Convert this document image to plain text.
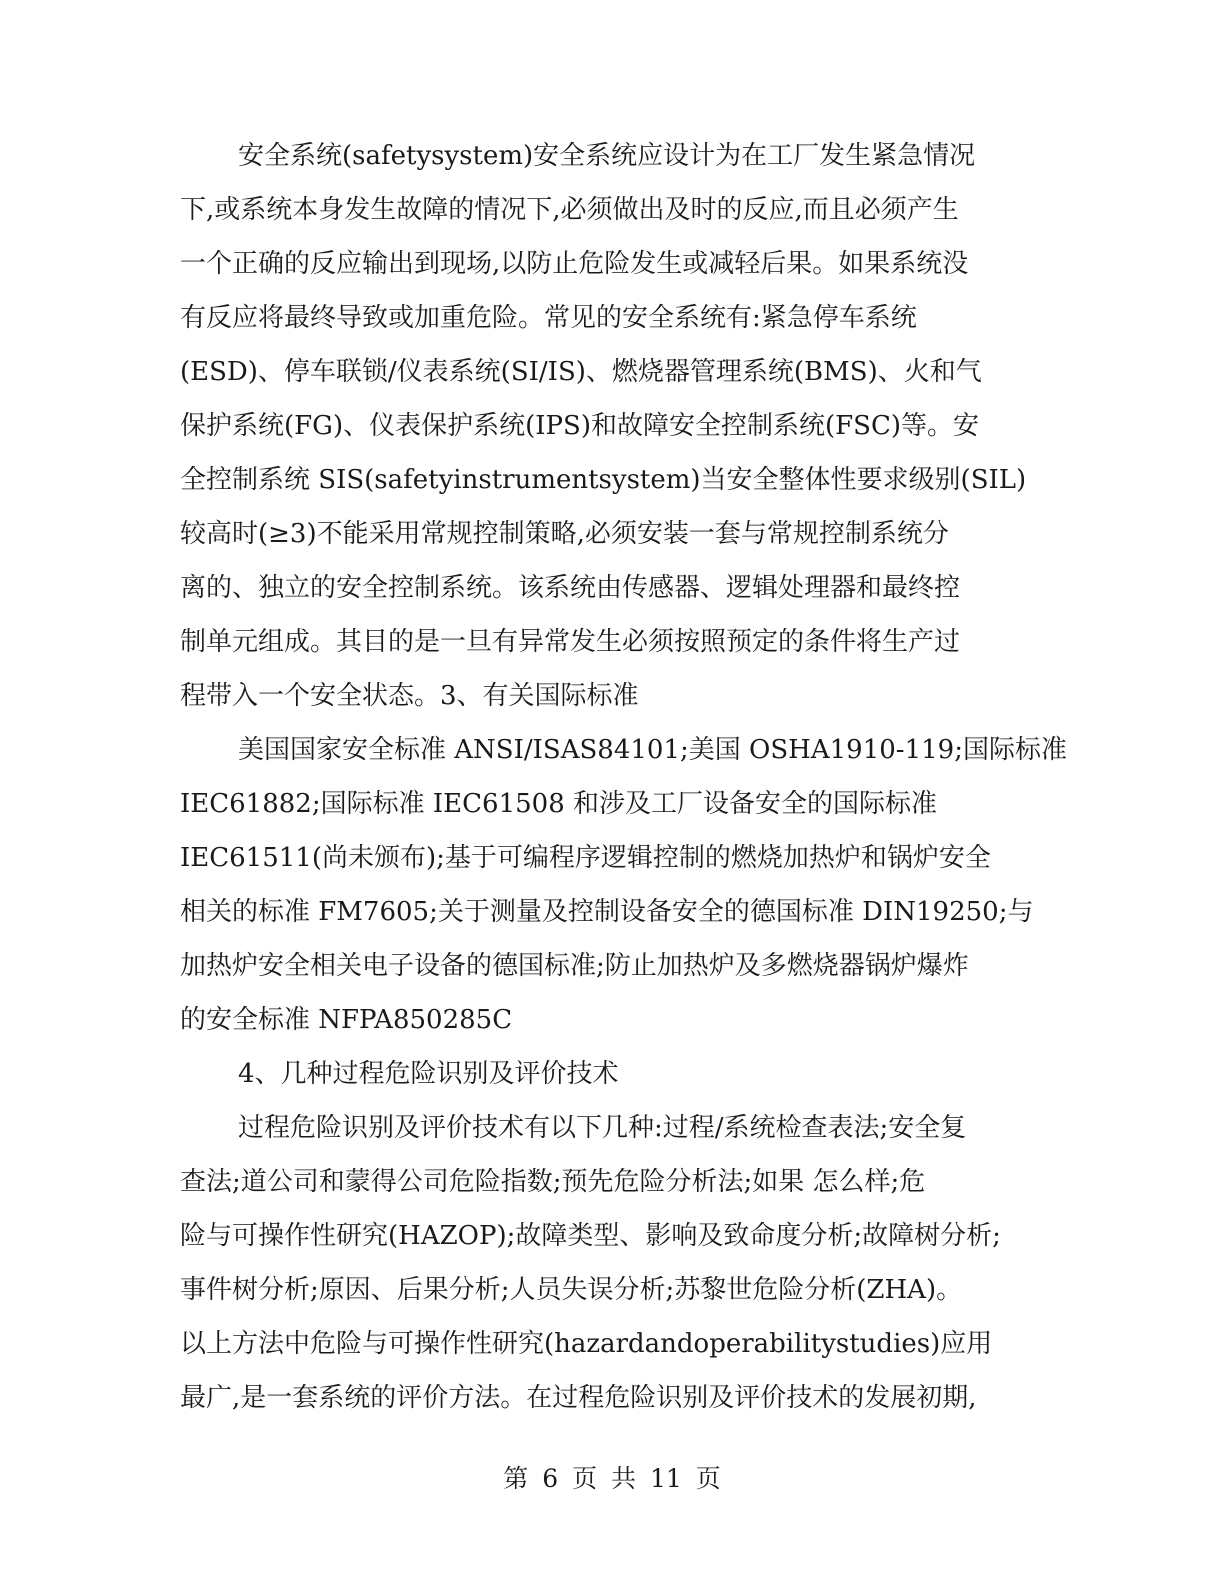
安全系统(safetysystem)安全系统应设计为在工厂发生紧急情况
下,或系统本身发生故障的情况下,必须做出及时的反应,而且必须产生
一个正确的反应输出到现场,以防止危险发生或减轻后果。如果系统没
有反应将最终导致或加重危险。常见的安全系统有:紧急停车系统
(ESD)、停车联锁/仪表系统(SI/IS)、燃烧器管理系统(BMS)、火和气
保护系统(FG)、仪表保护系统(IPS)和故障安全控制系统(FSC)等。安
全控制系统 SIS(safetyinstrumentsystem)当安全整体性要求级别(SIL)
较高时(≥3)不能采用常规控制策略,必须安装一套与常规控制系统分
离的、独立的安全控制系统。该系统由传感器、逻辑处理器和最终控
制单元组成。其目的是一旦有异常发生必须按照预定的条件将生产过
程带入一个安全状态。3、有关国际标准
美国国家安全标准 ANSI/ISAS84101;美国 OSHA1910-119;国际标准
IEC61882;国际标准 IEC61508 和涉及工厂设备安全的国际标准
IEC61511(尚未颁布);基于可编程序逻辑控制的燃烧加热炉和锅炉安全
相关的标准 FM7605;关于测量及控制设备安全的德国标准 DIN19250;与
加热炉安全相关电子设备的德国标准;防止加热炉及多燃烧器锅炉爆炸
的安全标准 NFPA850285C
4、几种过程危险识别及评价技术
过程危险识别及评价技术有以下几种:过程/系统检查表法;安全复
查法;道公司和蒙得公司危险指数;预先危险分析法;如果 怎么样;危
险与可操作性研究(HAZOP);故障类型、影响及致命度分析;故障树分析;
事件树分析;原因、后果分析;人员失误分析;苏黎世危险分析(ZHA)。
以上方法中危险与可操作性研究(hazardandoperabilitystudies)应用
最广,是一套系统的评价方法。在过程危险识别及评价技术的发展初期,
第 6 页 共 11 页
